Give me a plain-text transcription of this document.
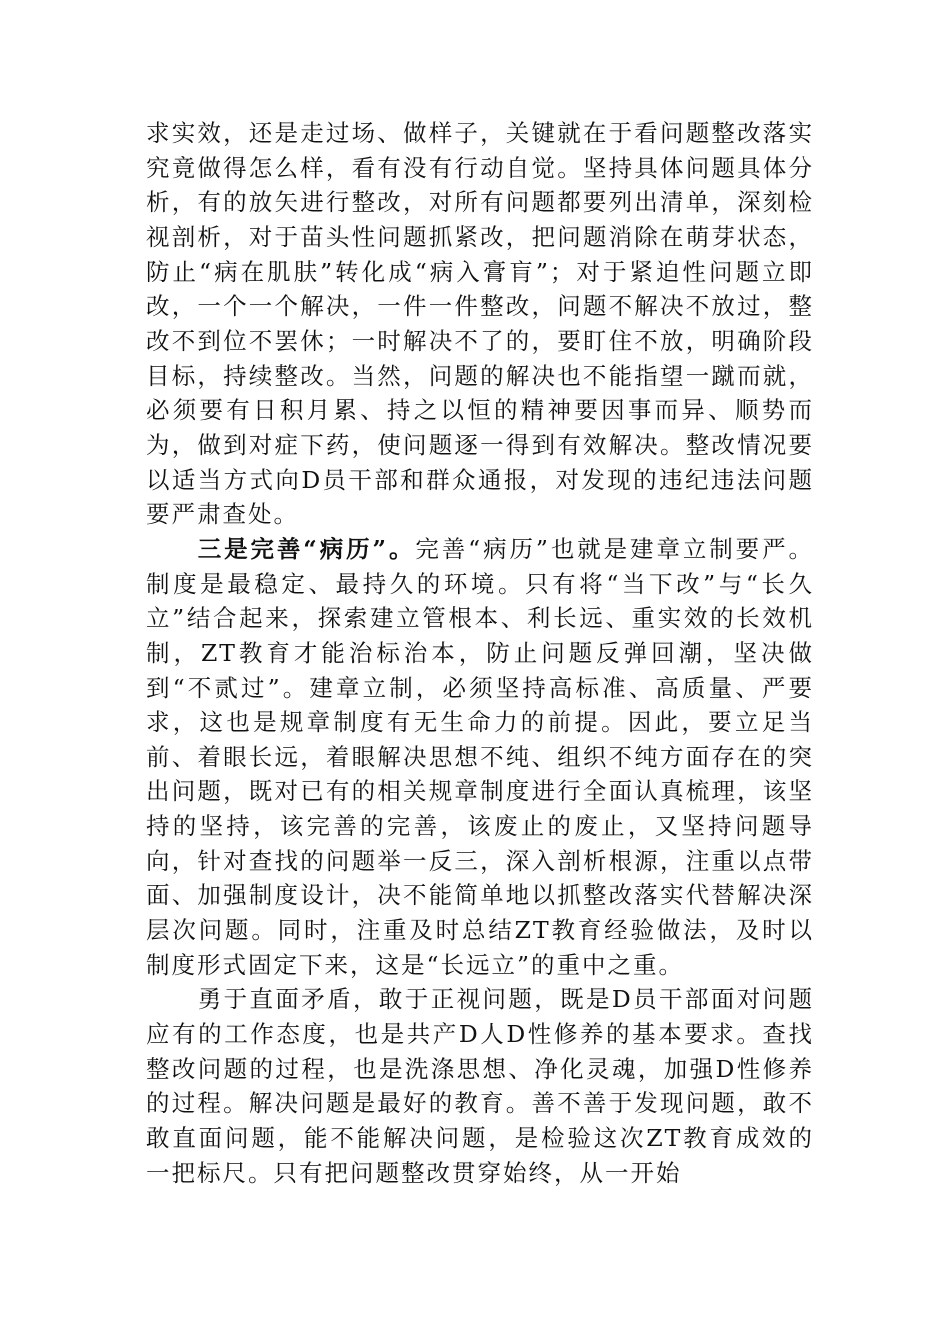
求实效，还是走过场、做样子，关键就在于看问题整改落实究竟做得怎么样，看有没有行动自觉。坚持具体问题具体分析，有的放矢进行整改，对所有问题都要列出清单，深刻检视剖析，对于苗头性问题抓紧改，把问题消除在萌芽状态，防止“病在肌肤”转化成“病入膏肓”；对于紧迫性问题立即改，一个一个解决，一件一件整改，问题不解决不放过，整改不到位不罢休；一时解决不了的，要盯住不放，明确阶段目标，持续整改。当然，问题的解决也不能指望一蹴而就，必须要有日积月累、持之以恒的精神要因事而异、顺势而为，做到对症下药，使问题逐一得到有效解决。整改情况要以适当方式向D员干部和群众通报，对发现的违纪违法问题要严肃查处。

三是完善“病历”。完善“病历”也就是建章立制要严。制度是最稳定、最持久的环境。只有将“当下改”与“长久立”结合起来，探索建立管根本、利长远、重实效的长效机制，ZT教育才能治标治本，防止问题反弹回潮，坚决做到“不贰过”。建章立制，必须坚持高标准、高质量、严要求，这也是规章制度有无生命力的前提。因此，要立足当前、着眼长远，着眼解决思想不纯、组织不纯方面存在的突出问题，既对已有的相关规章制度进行全面认真梳理，该坚持的坚持，该完善的完善，该废止的废止，又坚持问题导向，针对查找的问题举一反三，深入剖析根源，注重以点带面、加强制度设计，决不能简单地以抓整改落实代替解决深层次问题。同时，注重及时总结ZT教育经验做法，及时以制度形式固定下来，这是“长远立”的重中之重。

勇于直面矛盾，敢于正视问题，既是D员干部面对问题应有的工作态度，也是共产D人D性修养的基本要求。查找整改问题的过程，也是洗涤思想、净化灵魂，加强D性修养的过程。解决问题是最好的教育。善不善于发现问题，敢不敢直面问题，能不能解决问题，是检验这次ZT教育成效的一把标尺。只有把问题整改贯穿始终，从一开始
